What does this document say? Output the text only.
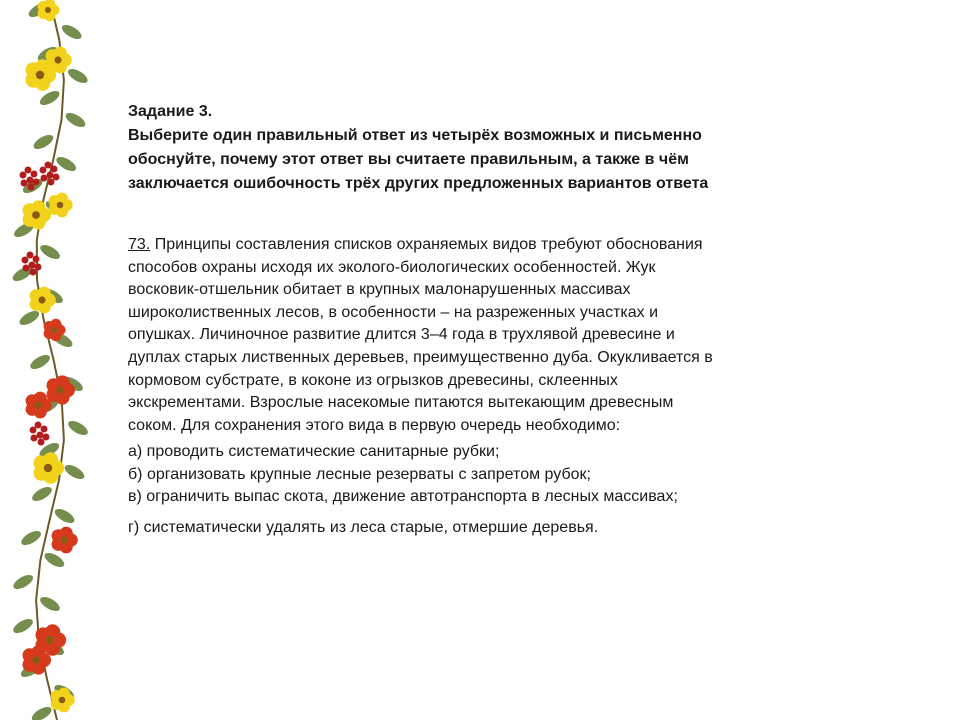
Задание 3.
Выберите один правильный ответ из четырёх возможных и письменно
обоснуйте, почему этот ответ вы считаете правильным, а также в чём
заключается ошибочность трёх других предложенных вариантов ответа
73. Принципы составления списков охраняемых видов требуют обоснования
способов охраны исходя их эколого-биологических особенностей. Жук
восковик-отшельник обитает в крупных малонарушенных массивах
широколиственных лесов, в особенности – на разреженных участках и
опушках. Личиночное развитие длится 3–4 года в трухлявой древесине и
дуплах старых лиственных деревьев, преимущественно дуба. Окукливается в
кормовом субстрате, в коконе из огрызков древесины, склеенных
экскрементами. Взрослые насекомые питаются вытекающим древесным
соком. Для сохранения этого вида в первую очередь необходимо:
а) проводить систематические санитарные рубки;
б) организовать крупные лесные резерваты с запретом рубок;
в) ограничить выпас скота, движение автотранспорта в лесных массивах;
г) систематически удалять из леса старые, отмершие деревья.
